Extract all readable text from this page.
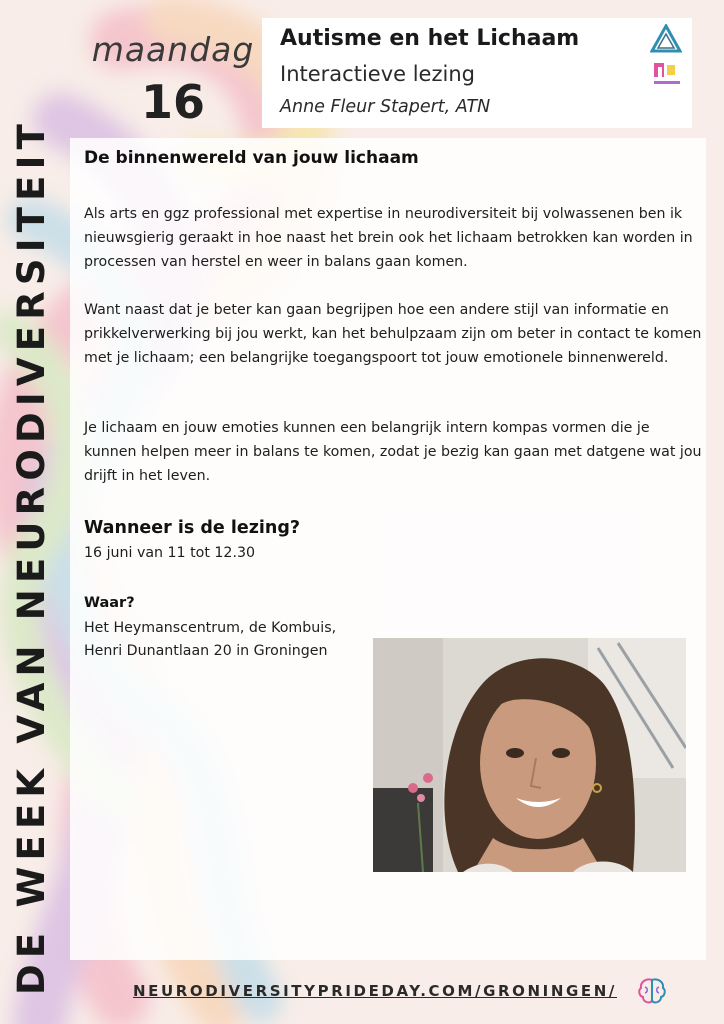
DE WEEK VAN NEURODIVERSITEIT
maandag
16
Autisme en het Lichaam
Interactieve lezing
Anne Fleur Stapert, ATN
De binnenwereld van jouw lichaam
Als arts en ggz professional met expertise in neurodiversiteit bij volwassenen ben ik nieuwsgierig geraakt in hoe naast het brein ook het lichaam betrokken kan worden in processen van herstel en weer in balans gaan komen.
Want naast dat je beter kan gaan begrijpen hoe een andere stijl van informatie en prikkelverwerking bij jou werkt, kan het behulpzaam zijn om beter in contact te komen met je lichaam; een belangrijke toegangspoort tot jouw emotionele binnenwereld.
Je lichaam en jouw emoties kunnen een belangrijk intern kompas vormen die je kunnen helpen meer in balans te komen, zodat je bezig kan gaan met datgene wat jou drijft in het leven.
Wanneer is de lezing?
16 juni van 11 tot 12.30
Waar?
Het Heymanscentrum, de Kombuis,
Henri Dunantlaan 20 in Groningen
NEURODIVERSITYPRIDEDAY.COM/GRONINGEN/
